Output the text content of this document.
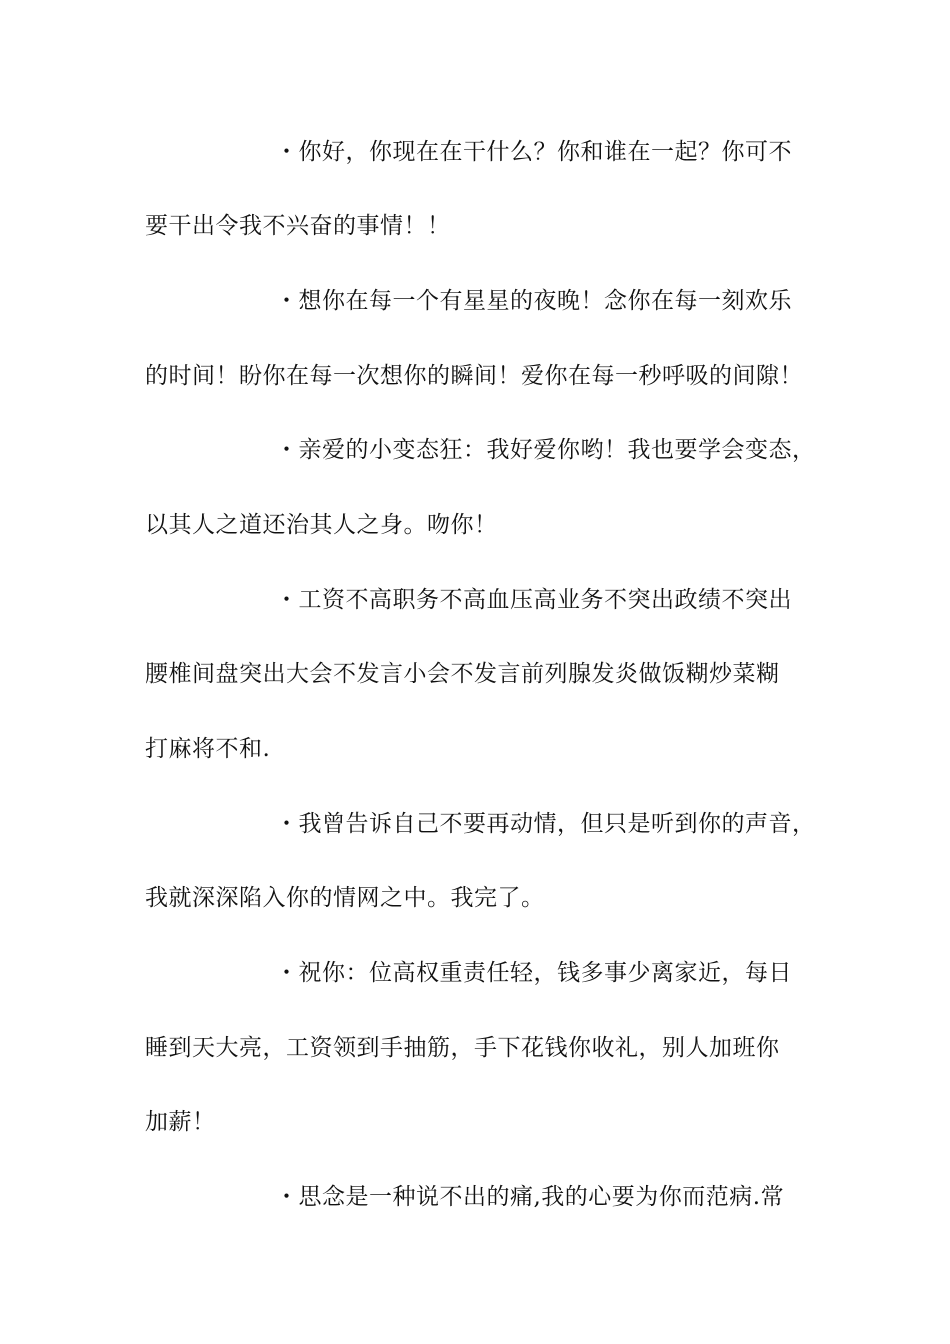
・你好，你现在在干什么？你和谁在一起？你可不
要干出令我不兴奋的事情！！
・想你在每一个有星星的夜晚！念你在每一刻欢乐
的时间！盼你在每一次想你的瞬间！爱你在每一秒呼吸的间隙！
・亲爱的小变态狂：我好爱你哟！我也要学会变态，
以其人之道还治其人之身。吻你！
・工资不高职务不高血压高业务不突出政绩不突出
腰椎间盘突出大会不发言小会不发言前列腺发炎做饭糊炒菜糊
打麻将不和.
・我曾告诉自己不要再动情，但只是听到你的声音，
我就深深陷入你的情网之中。我完了。
・祝你：位高权重责任轻，钱多事少离家近，每日
睡到天大亮，工资领到手抽筋，手下花钱你收礼，别人加班你
加薪！
・思念是一种说不出的痛,我的心要为你而范病.常
